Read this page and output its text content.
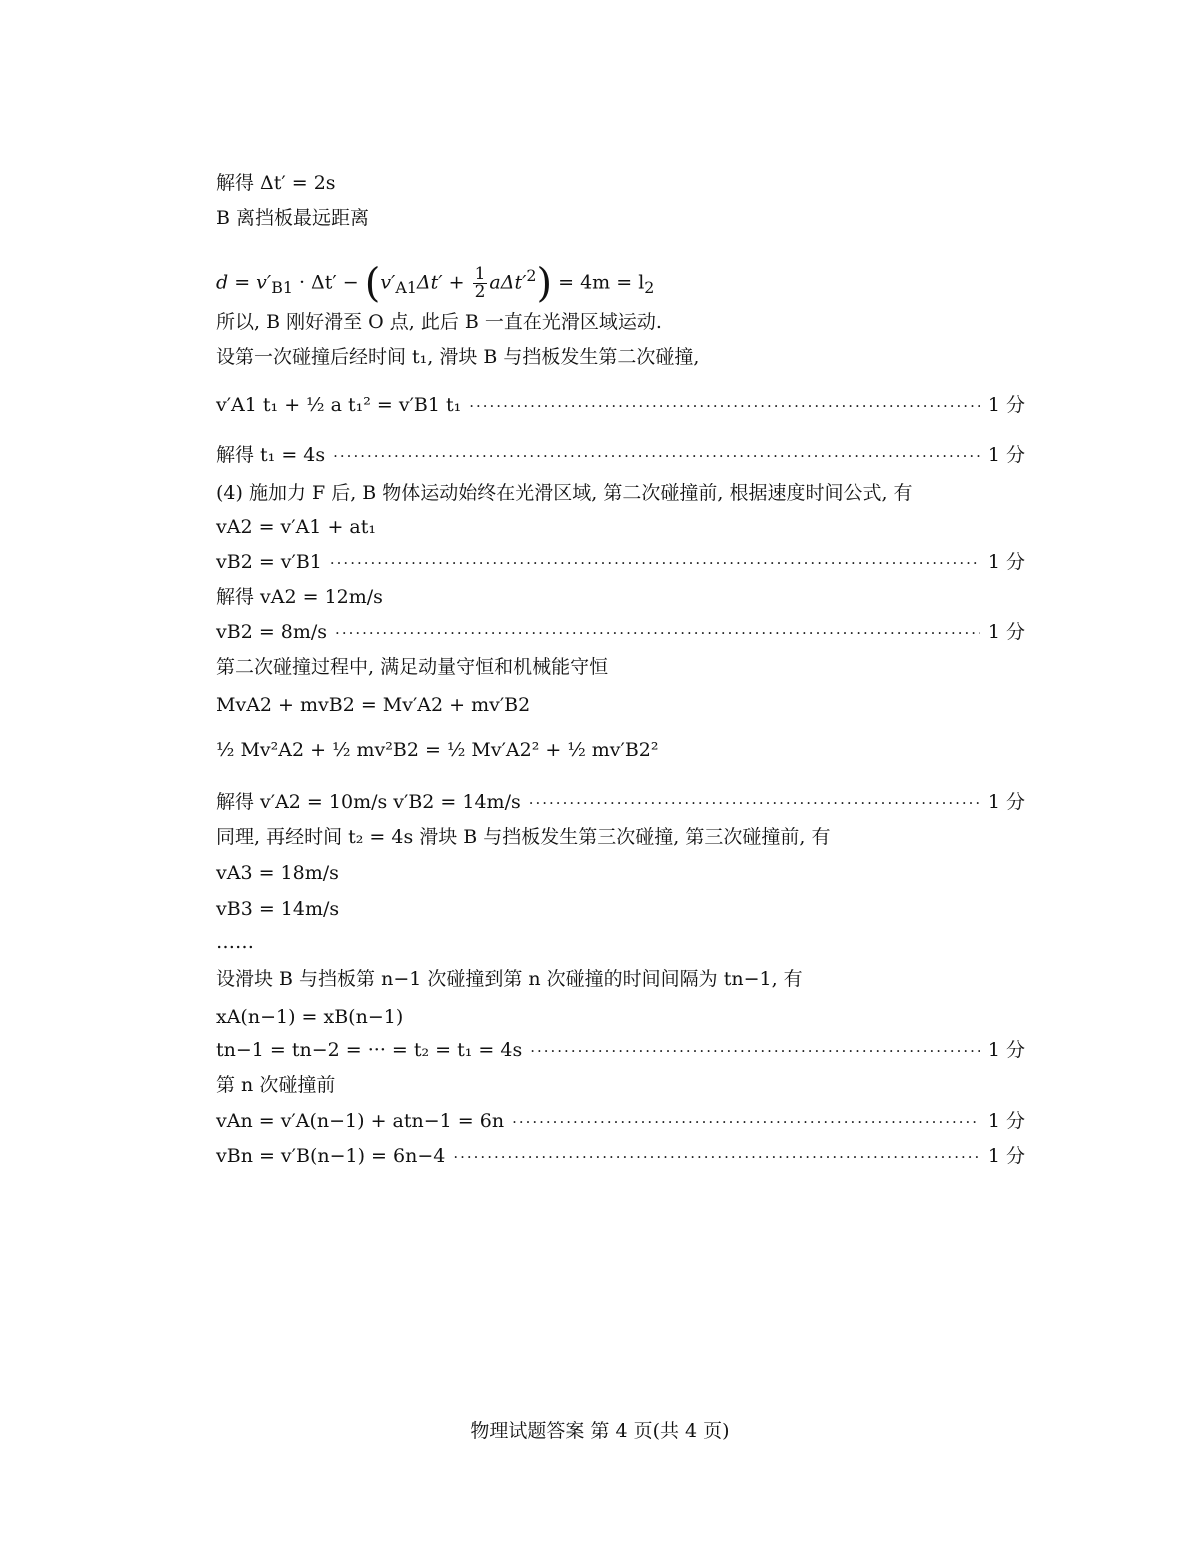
解得 Δt′ = 2s
B 离挡板最远距离
$d = v'_{B1} \cdot \Delta t' - (v'_{A1}\Delta t' + \frac{1}{2} a\Delta t'^2) = 4m = l_2$
所以, B 刚好滑至 O 点, 此后 B 一直在光滑区域运动.
设第一次碰撞后经时间 t₁, 滑块 B 与挡板发生第二次碰撞,
v′A1 t₁ + ½ a t₁² = v′B1 t₁ ·····	1 分
解得 t₁ = 4s ·····	1 分
(4) 施加力 F 后, B 物体运动始终在光滑区域, 第二次碰撞前, 根据速度时间公式, 有
vA2 = v′A1 + at₁
vB2 = v′B1 ·····	1 分
解得 vA2 = 12m/s
vB2 = 8m/s ·····	1 分
第二次碰撞过程中, 满足动量守恒和机械能守恒
MvA2 + mvB2 = Mv′A2 + mv′B2
½ Mv²A2 + ½ mv²B2 = ½ Mv′A2² + ½ mv′B2²
解得 v′A2 = 10m/s v′B2 = 14m/s ·····	1 分
同理, 再经时间 t₂ = 4s 滑块 B 与挡板发生第三次碰撞, 第三次碰撞前, 有
vA3 = 18m/s
vB3 = 14m/s
……
设滑块 B 与挡板第 n−1 次碰撞到第 n 次碰撞的时间间隔为 tn−1, 有
xA(n−1) = xB(n−1)
tn−1 = tn−2 = ··· = t₂ = t₁ = 4s ·····	1 分
第 n 次碰撞前
vAn = v′A(n−1) + atn−1 = 6n ·····	1 分
vBn = v′B(n−1) = 6n−4 ·····	1 分
物理试题答案 第 4 页(共 4 页)
